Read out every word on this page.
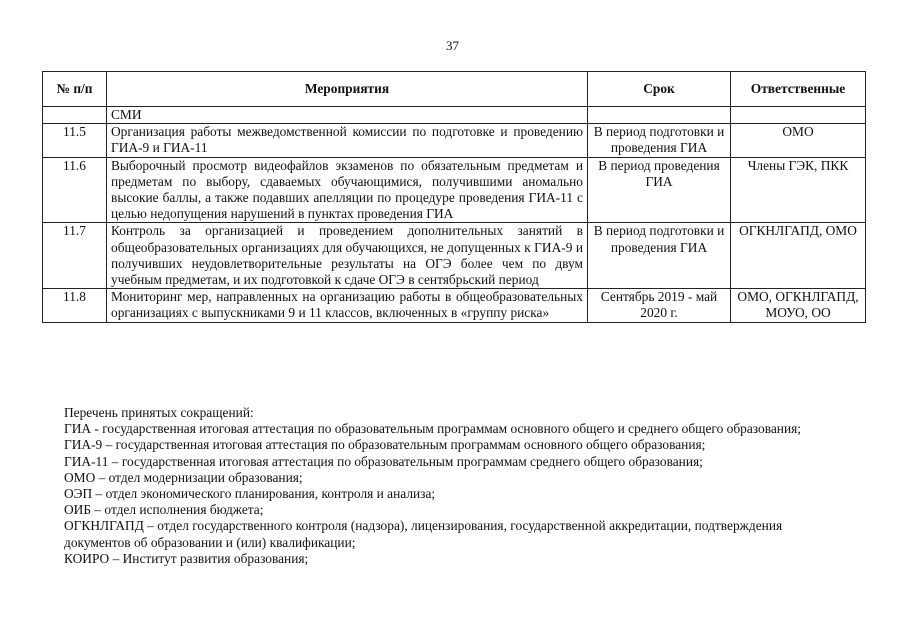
37
№ п/п	Мероприятия	Срок	Ответственные
	СМИ		
11.5	Организация работы межведомственной комиссии по подготовке и проведению ГИА-9 и ГИА-11	В период подготовки и проведения ГИА	ОМО
11.6	Выборочный просмотр видеофайлов экзаменов по обязательным предметам и предметам по выбору, сдаваемых обучающимися, получившими аномально высокие баллы, а также подавших апелляции по процедуре проведения ГИА-11 с целью недопущения нарушений в пунктах проведения ГИА	В период проведения ГИА	Члены ГЭК, ПКК
11.7	Контроль за организацией и проведением дополнительных занятий в общеобразовательных организациях для обучающихся, не допущенных к ГИА-9 и получивших неудовлетворительные результаты на ОГЭ более чем по двум учебным предметам, и их подготовкой к сдаче ОГЭ в сентябрьский период	В период подготовки и проведения ГИА	ОГКНЛГАПД, ОМО
11.8	Мониторинг мер, направленных на организацию работы в общеобразовательных организациях с выпускниками 9 и 11 классов, включенных в «группу риска»	Сентябрь 2019 - май 2020 г.	ОМО, ОГКНЛГАПД, МОУО, ОО

Перечень принятых сокращений:

ГИА - государственная итоговая аттестация по образовательным программам основного общего и среднего общего образования;

ГИА-9 – государственная итоговая аттестация по образовательным программам основного общего образования;

ГИА-11 – государственная итоговая аттестация по образовательным программам среднего общего образования;

ОМО – отдел модернизации образования;

ОЭП – отдел экономического планирования, контроля и анализа;

ОИБ – отдел исполнения бюджета;

ОГКНЛГАПД – отдел государственного контроля (надзора), лицензирования, государственной аккредитации, подтверждения документов об образовании и (или) квалификации;

КОИРО – Институт развития образования;
